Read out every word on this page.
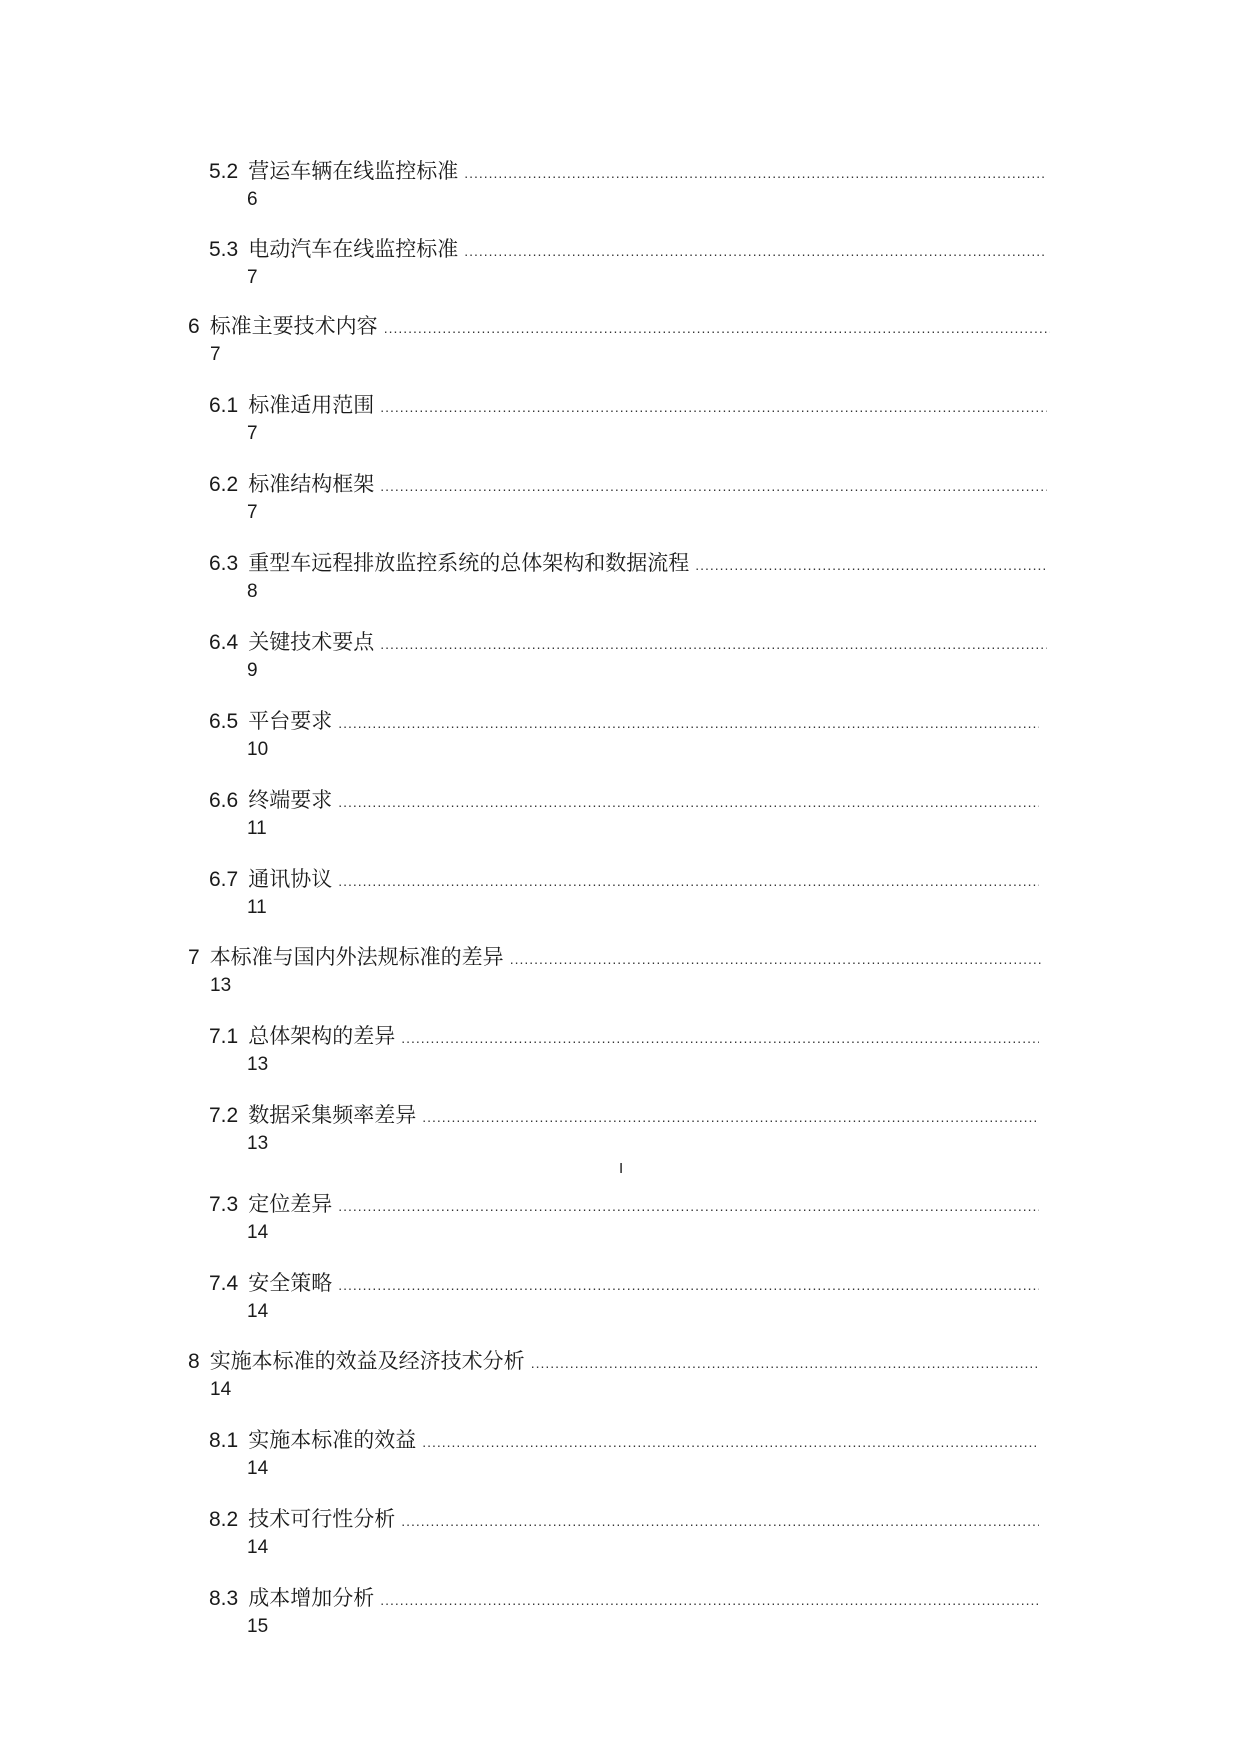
5.2 营运车辆在线监控标准
.....
6
5.3 电动汽车在线监控标准
.....
7
6 标准主要技术内容
.....
7
6.1 标准适用范围
.....
7
6.2 标准结构框架
.....
7
6.3 重型车远程排放监控系统的总体架构和数据流程
.....
8
6.4 关键技术要点
.....
9
6.5 平台要求
.....
10
6.6 终端要求
.....
11
6.7 通讯协议
.....
11
7 本标准与国内外法规标准的差异
.....
13
7.1 总体架构的差异
.....
13
7.2 数据采集频率差异
.....
13
I
7.3 定位差异
.....
14
7.4 安全策略
.....
14
8 实施本标准的效益及经济技术分析
.....
14
8.1 实施本标准的效益
.....
14
8.2 技术可行性分析
.....
14
8.3 成本增加分析
.....
15
